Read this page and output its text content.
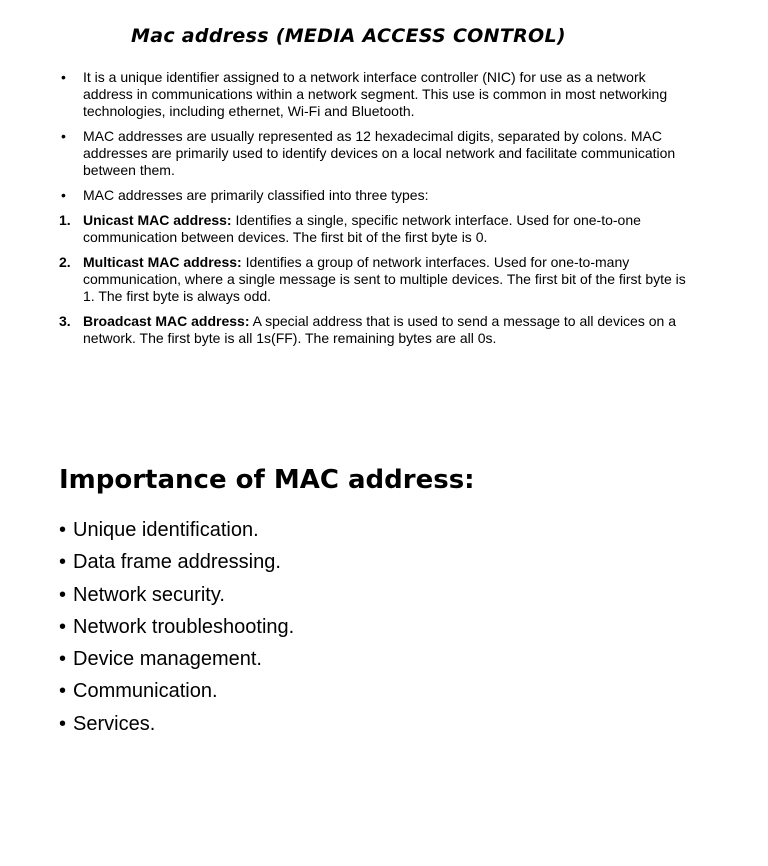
Mac address (MEDIA ACCESS CONTROL)
•	It is a unique identifier assigned to a network interface controller (NIC) for use as a network address in communications within a network segment. This use is common in most networking technologies, including ethernet, Wi-Fi and Bluetooth.
•	MAC addresses are usually represented as 12 hexadecimal digits, separated by colons. MAC addresses are primarily used to identify devices on a local network and facilitate communication between them.
•	MAC addresses are primarily classified into three types:
1. Unicast MAC address: Identifies a single, specific network interface. Used for one-to-one communication between devices. The first bit of the first byte is 0.
2. Multicast MAC address: Identifies a group of network interfaces. Used for one-to-many communication, where a single message is sent to multiple devices. The first bit of the first byte is 1. The first byte is always odd.
3. Broadcast MAC address: A special address that is used to send a message to all devices on a network. The first byte is all 1s(FF). The remaining bytes are all 0s.
Importance of MAC address:
• Unique identification.
• Data frame addressing.
• Network security.
• Network troubleshooting.
• Device management.
• Communication.
• Services.
